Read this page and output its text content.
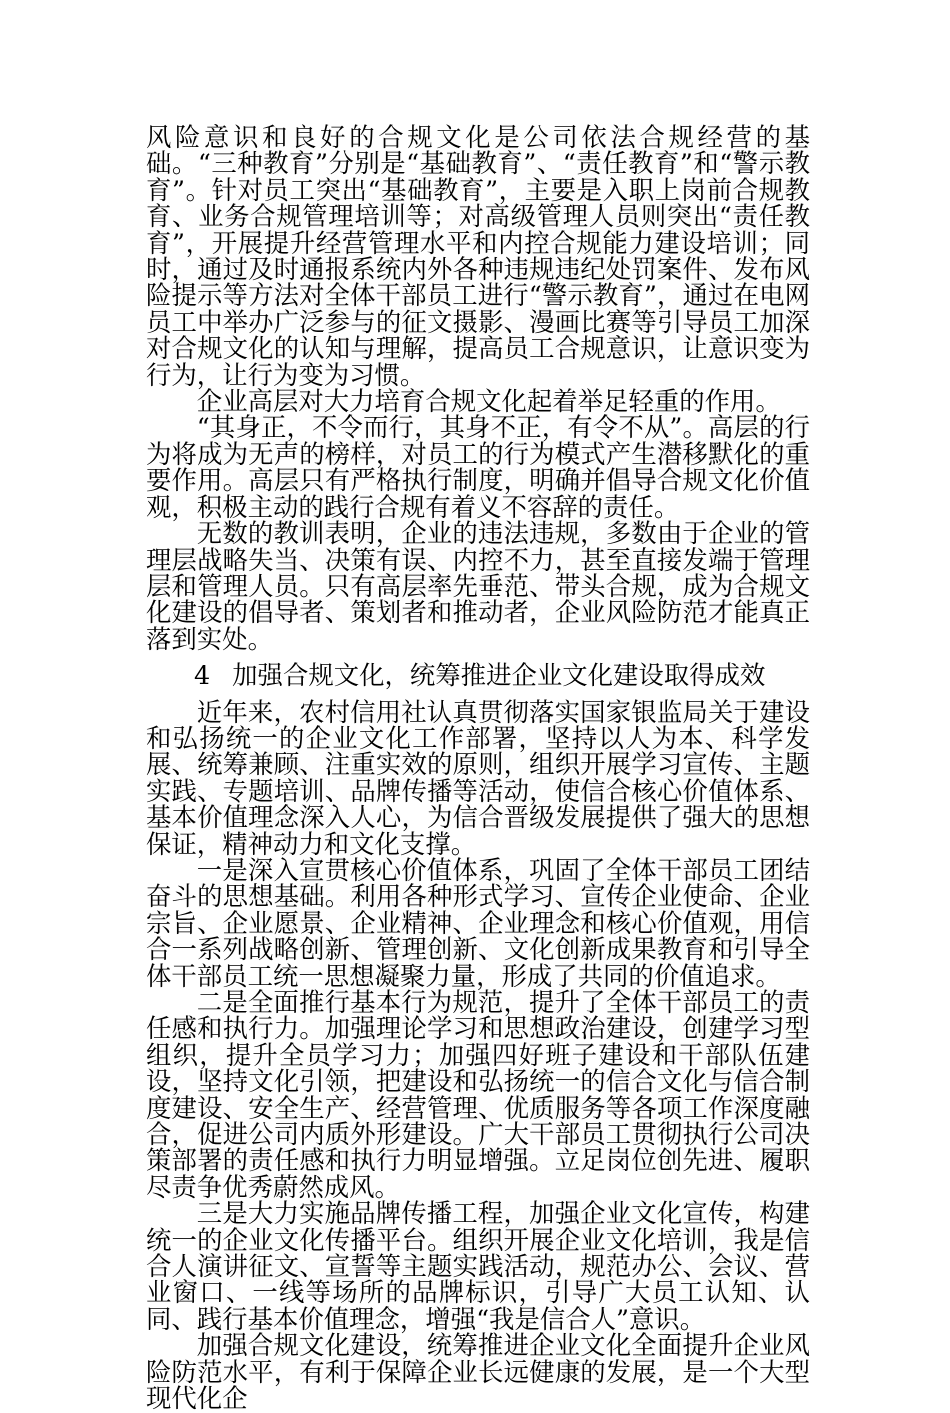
风险意识和良好的合规文化是公司依法合规经营的基础。“三种教育”分别是“基础教育”、“责任教育”和“警示教育”。针对员工突出“基础教育”，主要是入职上岗前合规教育、业务合规管理培训等；对高级管理人员则突出“责任教育”，开展提升经营管理水平和内控合规能力建设培训；同时，通过及时通报系统内外各种违规违纪处罚案件、发布风险提示等方法对全体干部员工进行“警示教育”，通过在电网员工中举办广泛参与的征文摄影、漫画比赛等引导员工加深对合规文化的认知与理解，提高员工合规意识，让意识变为行为，让行为变为习惯。

企业高层对大力培育合规文化起着举足轻重的作用。

“其身正，不令而行，其身不正，有令不从”。高层的行为将成为无声的榜样，对员工的行为模式产生潜移默化的重要作用。高层只有严格执行制度，明确并倡导合规文化价值观，积极主动的践行合规有着义不容辞的责任。

无数的教训表明，企业的违法违规，多数由于企业的管理层战略失当、决策有误、内控不力，甚至直接发端于管理层和管理人员。只有高层率先垂范、带头合规，成为合规文化建设的倡导者、策划者和推动者，企业风险防范才能真正落到实处。

4 加强合规文化，统筹推进企业文化建设取得成效

近年来，农村信用社认真贯彻落实国家银监局关于建设和弘扬统一的企业文化工作部署，坚持以人为本、科学发展、统筹兼顾、注重实效的原则，组织开展学习宣传、主题实践、专题培训、品牌传播等活动，使信合核心价值体系、基本价值理念深入人心，为信合晋级发展提供了强大的思想保证，精神动力和文化支撑。

一是深入宣贯核心价值体系，巩固了全体干部员工团结奋斗的思想基础。利用各种形式学习、宣传企业使命、企业宗旨、企业愿景、企业精神、企业理念和核心价值观，用信合一系列战略创新、管理创新、文化创新成果教育和引导全体干部员工统一思想凝聚力量，形成了共同的价值追求。

二是全面推行基本行为规范，提升了全体干部员工的责任感和执行力。加强理论学习和思想政治建设，创建学习型组织，提升全员学习力；加强四好班子建设和干部队伍建设，坚持文化引领，把建设和弘扬统一的信合文化与信合制度建设、安全生产、经营管理、优质服务等各项工作深度融合，促进公司内质外形建设。广大干部员工贯彻执行公司决策部署的责任感和执行力明显增强。立足岗位创先进、履职尽责争优秀蔚然成风。

三是大力实施品牌传播工程，加强企业文化宣传，构建统一的企业文化传播平台。组织开展企业文化培训，我是信合人演讲征文、宣誓等主题实践活动，规范办公、会议、营业窗口、一线等场所的品牌标识，引导广大员工认知、认同、践行基本价值理念，增强“我是信合人”意识。

加强合规文化建设，统筹推进企业文化全面提升企业风险防范水平，有利于保障企业长远健康的发展，是一个大型现代化企
